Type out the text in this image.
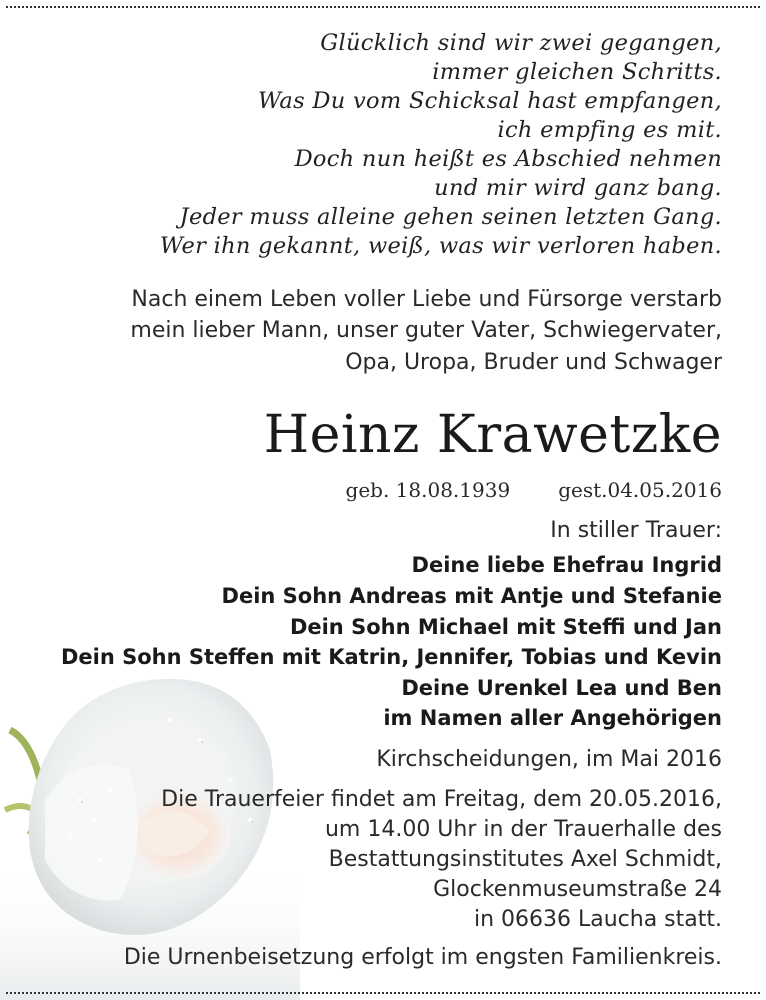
Glücklich sind wir zwei gegangen,
immer gleichen Schritts.
Was Du vom Schicksal hast empfangen,
ich empfing es mit.
Doch nun heißt es Abschied nehmen
und mir wird ganz bang.
Jeder muss alleine gehen seinen letzten Gang.
Wer ihn gekannt, weiß, was wir verloren haben.
Nach einem Leben voller Liebe und Fürsorge verstarb
mein lieber Mann, unser guter Vater, Schwiegervater,
Opa, Uropa, Bruder und Schwager
Heinz Krawetzke
geb. 18.08.1939 gest.04.05.2016
In stiller Trauer:
Deine liebe Ehefrau Ingrid
Dein Sohn Andreas mit Antje und Stefanie
Dein Sohn Michael mit Steffi und Jan
Dein Sohn Steffen mit Katrin, Jennifer, Tobias und Kevin
Deine Urenkel Lea und Ben
im Namen aller Angehörigen
Kirchscheidungen, im Mai 2016
Die Trauerfeier findet am Freitag, dem 20.05.2016,
um 14.00 Uhr in der Trauerhalle des
Bestattungsinstitutes Axel Schmidt,
Glockenmuseumstraße 24
in 06636 Laucha statt.
Die Urnenbeisetzung erfolgt im engsten Familienkreis.
